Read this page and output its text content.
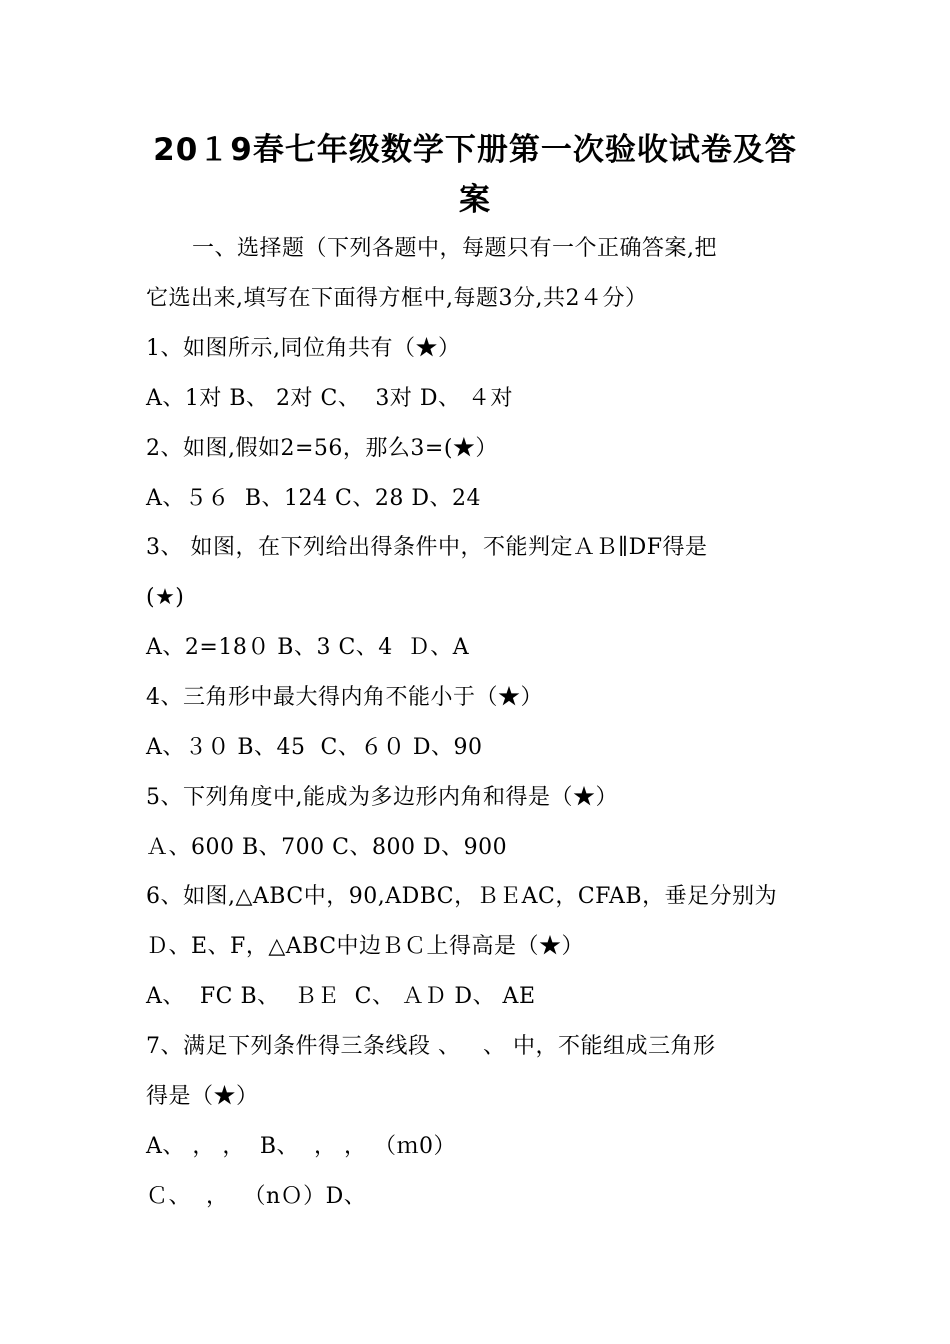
20１9春七年级数学下册第一次验收试卷及答
案
一、选择题（下列各题中，每题只有一个正确答案,把
它选出来,填写在下面得方框中,每题3分,共2４分）
1、如图所示,同位角共有（★）
A、1对 B、 2对 C、  3对 D、 ４对
2、如图,假如2=56，那么3=(★）
A、５６  B、124 C、28 D、24
3、 如图，在下列给出得条件中，不能判定ＡＢ∥DF得是
(★)
A、2=18０ B、3 C、4  Ｄ、A
4、三角形中最大得内角不能小于（★）
A、３０ B、45  C、６０ D、90
5、下列角度中,能成为多边形内角和得是（★）
Ａ、600 B、700 C、800 D、900
6、如图,△ABC中，90,ADBC，ＢＥAC，CFAB，垂足分别为
Ｄ、E、F，△ABC中边ＢＣ上得高是（★）
A、  FC B、  ＢＥ  C、 ＡＤ D、 AE
7、满足下列条件得三条线段 、   、 中，不能组成三角形
得是（★）
A、 ， ，  B、  ， ， （ｍ0）
Ｃ、  ，  （nＯ）D、
